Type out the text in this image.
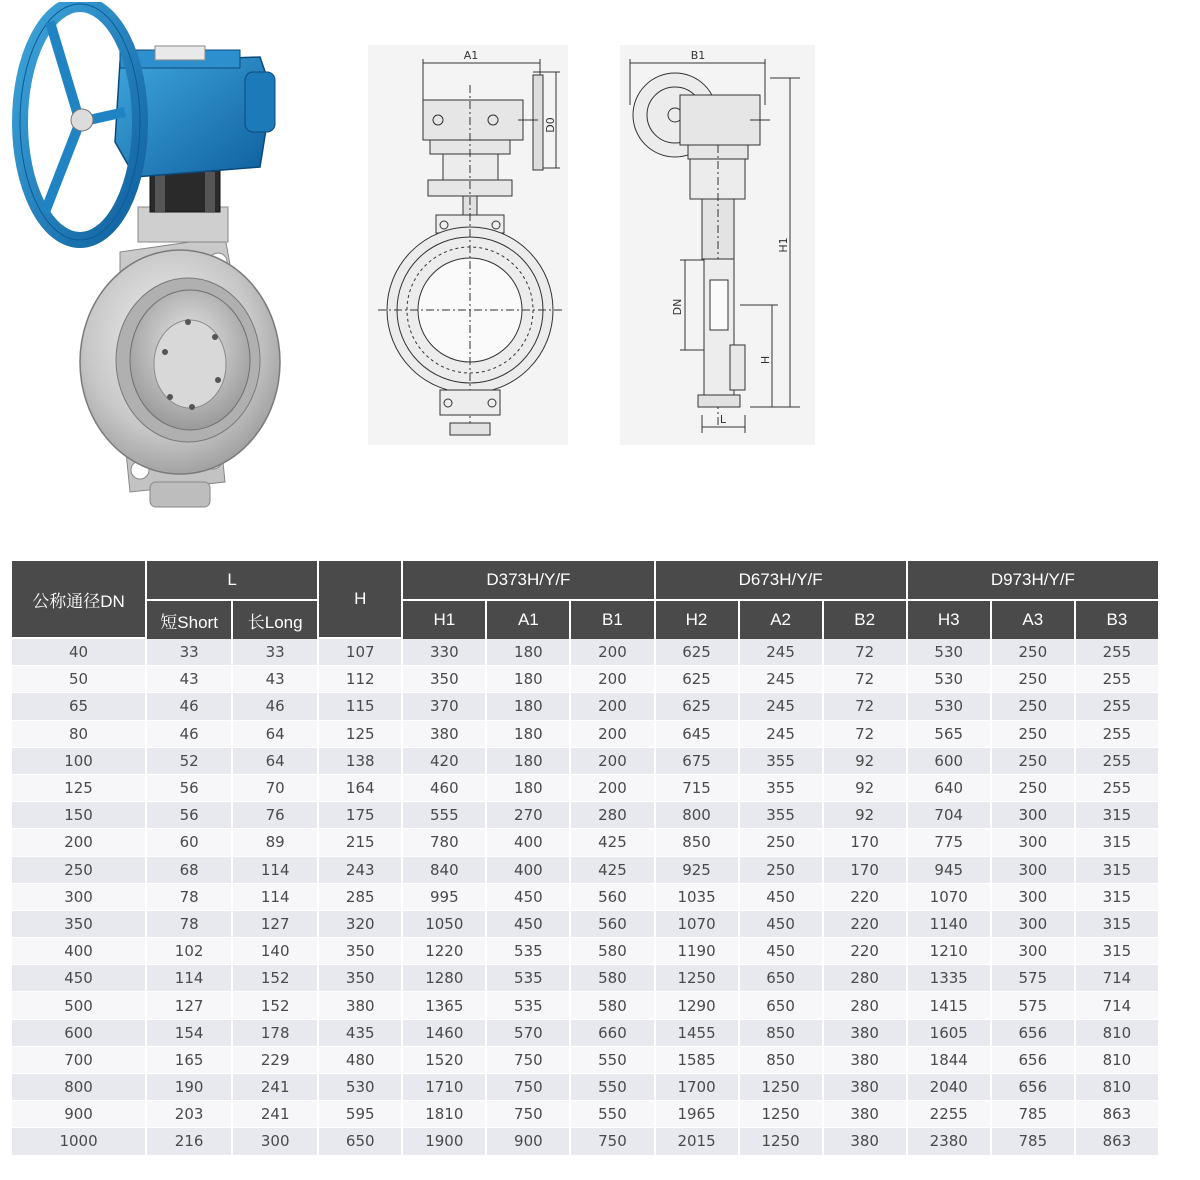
A1
D0
B1
H1
DN
H
L
公称通径DN	L		H	D373H/Y/F			D673H/Y/F			D973H/Y/F		
	短Short	长Long		H1	A1	B1	H2	A2	B2	H3	A3	B3
40	33	33	107	330	180	200	625	245	72	530	250	255
50	43	43	112	350	180	200	625	245	72	530	250	255
65	46	46	115	370	180	200	625	245	72	530	250	255
80	46	64	125	380	180	200	645	245	72	565	250	255
100	52	64	138	420	180	200	675	355	92	600	250	255
125	56	70	164	460	180	200	715	355	92	640	250	255
150	56	76	175	555	270	280	800	355	92	704	300	315
200	60	89	215	780	400	425	850	250	170	775	300	315
250	68	114	243	840	400	425	925	250	170	945	300	315
300	78	114	285	995	450	560	1035	450	220	1070	300	315
350	78	127	320	1050	450	560	1070	450	220	1140	300	315
400	102	140	350	1220	535	580	1190	450	220	1210	300	315
450	114	152	350	1280	535	580	1250	650	280	1335	575	714
500	127	152	380	1365	535	580	1290	650	280	1415	575	714
600	154	178	435	1460	570	660	1455	850	380	1605	656	810
700	165	229	480	1520	750	550	1585	850	380	1844	656	810
800	190	241	530	1710	750	550	1700	1250	380	2040	656	810
900	203	241	595	1810	750	550	1965	1250	380	2255	785	863
1000	216	300	650	1900	900	750	2015	1250	380	2380	785	863
